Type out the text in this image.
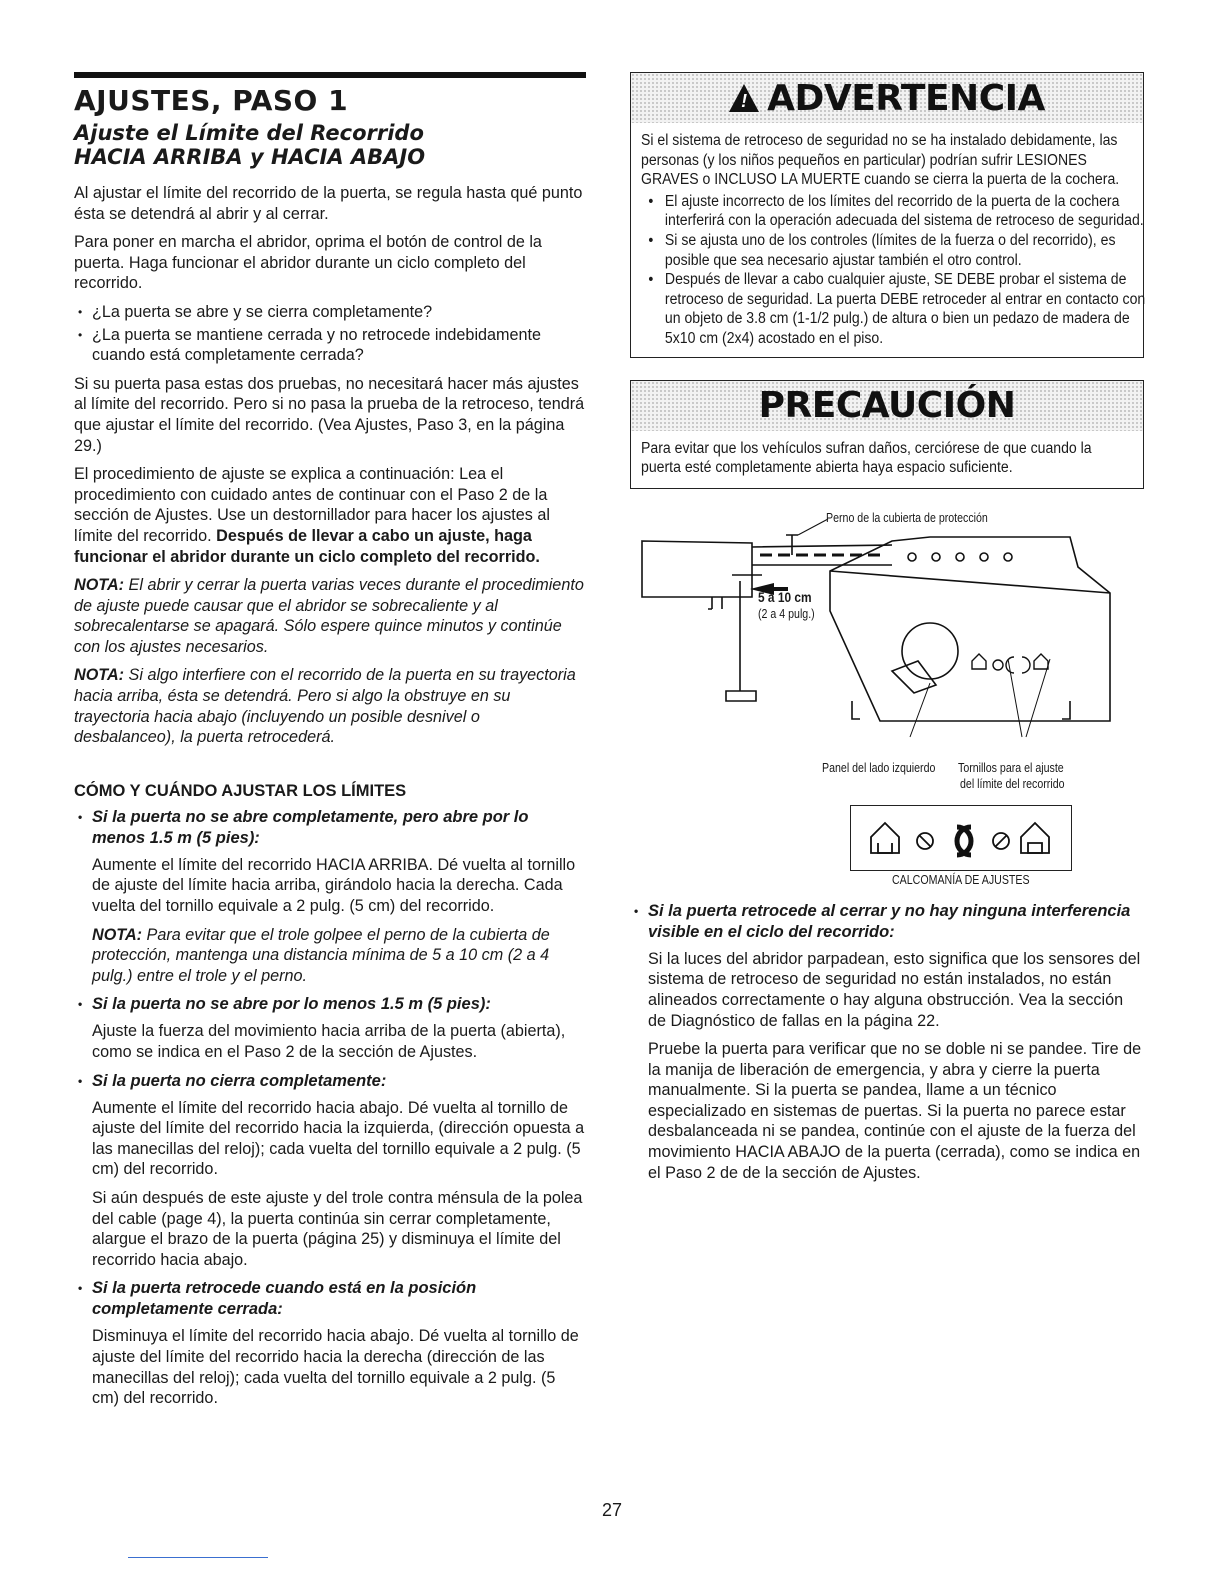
AJUSTES, PASO 1
Ajuste el Límite del Recorrido
HACIA ARRIBA y HACIA ABAJO

Al ajustar el límite del recorrido de la puerta, se regula hasta qué punto ésta se detendrá al abrir y al cerrar.

Para poner en marcha el abridor, oprima el botón de control de la puerta. Haga funcionar el abridor durante un ciclo completo del recorrido.

• ¿La puerta se abre y se cierra completamente?
• ¿La puerta se mantiene cerrada y no retrocede indebidamente cuando está completamente cerrada?

Si su puerta pasa estas dos pruebas, no necesitará hacer más ajustes al límite del recorrido. Pero si no pasa la prueba de la retroceso, tendrá que ajustar el límite del recorrido. (Vea Ajustes, Paso 3, en la página 29.)

El procedimiento de ajuste se explica a continuación: Lea el procedimiento con cuidado antes de continuar con el Paso 2 de la sección de Ajustes. Use un destornillador para hacer los ajustes al límite del recorrido. Después de llevar a cabo un ajuste, haga funcionar el abridor durante un ciclo completo del recorrido.

NOTA: El abrir y cerrar la puerta varias veces durante el procedimiento de ajuste puede causar que el abridor se sobrecaliente y al sobrecalentarse se apagará. Sólo espere quince minutos y continúe con los ajustes necesarios.

NOTA: Si algo interfiere con el recorrido de la puerta en su trayectoria hacia arriba, ésta se detendrá. Pero si algo la obstruye en su trayectoria hacia abajo (incluyendo un posible desnivel o desbalanceo), la puerta retrocederá.

CÓMO Y CUÁNDO AJUSTAR LOS LÍMITES
• Si la puerta no se abre completamente, pero abre por lo menos 1.5 m (5 pies):

Aumente el límite del recorrido HACIA ARRIBA. Dé vuelta al tornillo de ajuste del límite hacia arriba, girándolo hacia la derecha. Cada vuelta del tornillo equivale a 2 pulg. (5 cm) del recorrido.

NOTA: Para evitar que el trole golpee el perno de la cubierta de protección, mantenga una distancia mínima de 5 a 10 cm (2 a 4 pulg.) entre el trole y el perno.

• Si la puerta no se abre por lo menos 1.5 m (5 pies):

Ajuste la fuerza del movimiento hacia arriba de la puerta (abierta), como se indica en el Paso 2 de la sección de Ajustes.

• Si la puerta no cierra completamente:

Aumente el límite del recorrido hacia abajo. Dé vuelta al tornillo de ajuste del límite del recorrido hacia la izquierda, (dirección opuesta a las manecillas del reloj); cada vuelta del tornillo equivale a 2 pulg. (5 cm) del recorrido.

Si aún después de este ajuste y del trole contra ménsula de la polea del cable (page 4), la puerta continúa sin cerrar completamente, alargue el brazo de la puerta (página 25) y disminuya el límite del recorrido hacia abajo.

• Si la puerta retrocede cuando está en la posición completamente cerrada:

Disminuya el límite del recorrido hacia abajo. Dé vuelta al tornillo de ajuste del límite del recorrido hacia la derecha (dirección de las manecillas del reloj); cada vuelta del tornillo equivale a 2 pulg. (5 cm) del recorrido.

!
ADVERTENCIA

Si el sistema de retroceso de seguridad no se ha instalado debidamente, las personas (y los niños pequeños en particular) podrían sufrir LESIONES GRAVES o INCLUSO LA MUERTE cuando se cierra la puerta de la cochera.

• El ajuste incorrecto de los límites del recorrido de la puerta de la cochera interferirá con la operación adecuada del sistema de retroceso de seguridad.
• Si se ajusta uno de los controles (límites de la fuerza o del recorrido), es posible que sea necesario ajustar también el otro control.
• Después de llevar a cabo cualquier ajuste, SE DEBE probar el sistema de retroceso de seguridad. La puerta DEBE retroceder al entrar en contacto con un objeto de 3.8 cm (1-1/2 pulg.) de altura o bien un pedazo de madera de 5x10 cm (2x4) acostado en el piso.
PRECAUCIÓN

Para evitar que los vehículos sufran daños, cerciórese de que cuando la puerta esté completamente abierta haya espacio suficiente.

Perno de la cubierta de protección
5 a 10 cm
(2 a 4 pulg.)
Panel del lado izquierdo Tornillos para el ajuste
del límite del recorrido
CALCOMANÍA DE AJUSTES
• Si la puerta retrocede al cerrar y no hay ninguna interferencia visible en el ciclo del recorrido:

Si la luces del abridor parpadean, esto significa que los sensores del sistema de retroceso de seguridad no están instalados, no están alineados correctamente o hay alguna obstrucción. Vea la sección de Diagnóstico de fallas en la página 22.

Pruebe la puerta para verificar que no se doble ni se pandee. Tire de la manija de liberación de emergencia, y abra y cierre la puerta manualmente. Si la puerta se pandea, llame a un técnico especializado en sistemas de puertas. Si la puerta no parece estar desbalanceada ni se pandea, continúe con el ajuste de la fuerza del movimiento HACIA ABAJO de la puerta (cerrada), como se indica en el Paso 2 de de la sección de Ajustes.

27
